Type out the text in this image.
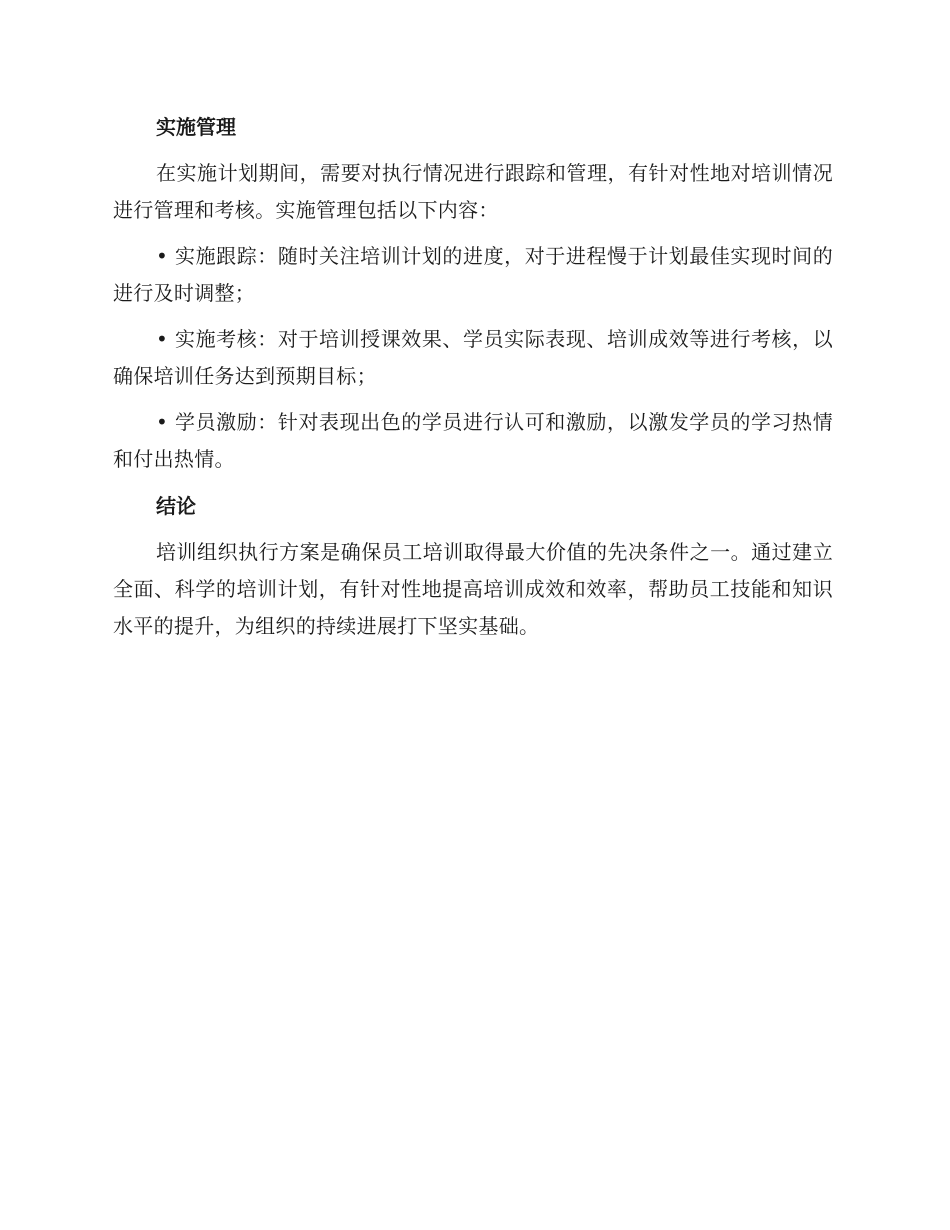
实施管理

在实施计划期间，需要对执行情况进行跟踪和管理，有针对性地对培训情况进行管理和考核。实施管理包括以下内容：

• 实施跟踪：随时关注培训计划的进度，对于进程慢于计划最佳实现时间的进行及时调整；

• 实施考核：对于培训授课效果、学员实际表现、培训成效等进行考核，以确保培训任务达到预期目标；

• 学员激励：针对表现出色的学员进行认可和激励，以激发学员的学习热情和付出热情。

结论

培训组织执行方案是确保员工培训取得最大价值的先决条件之一。通过建立全面、科学的培训计划，有针对性地提高培训成效和效率，帮助员工技能和知识水平的提升，为组织的持续进展打下坚实基础。
